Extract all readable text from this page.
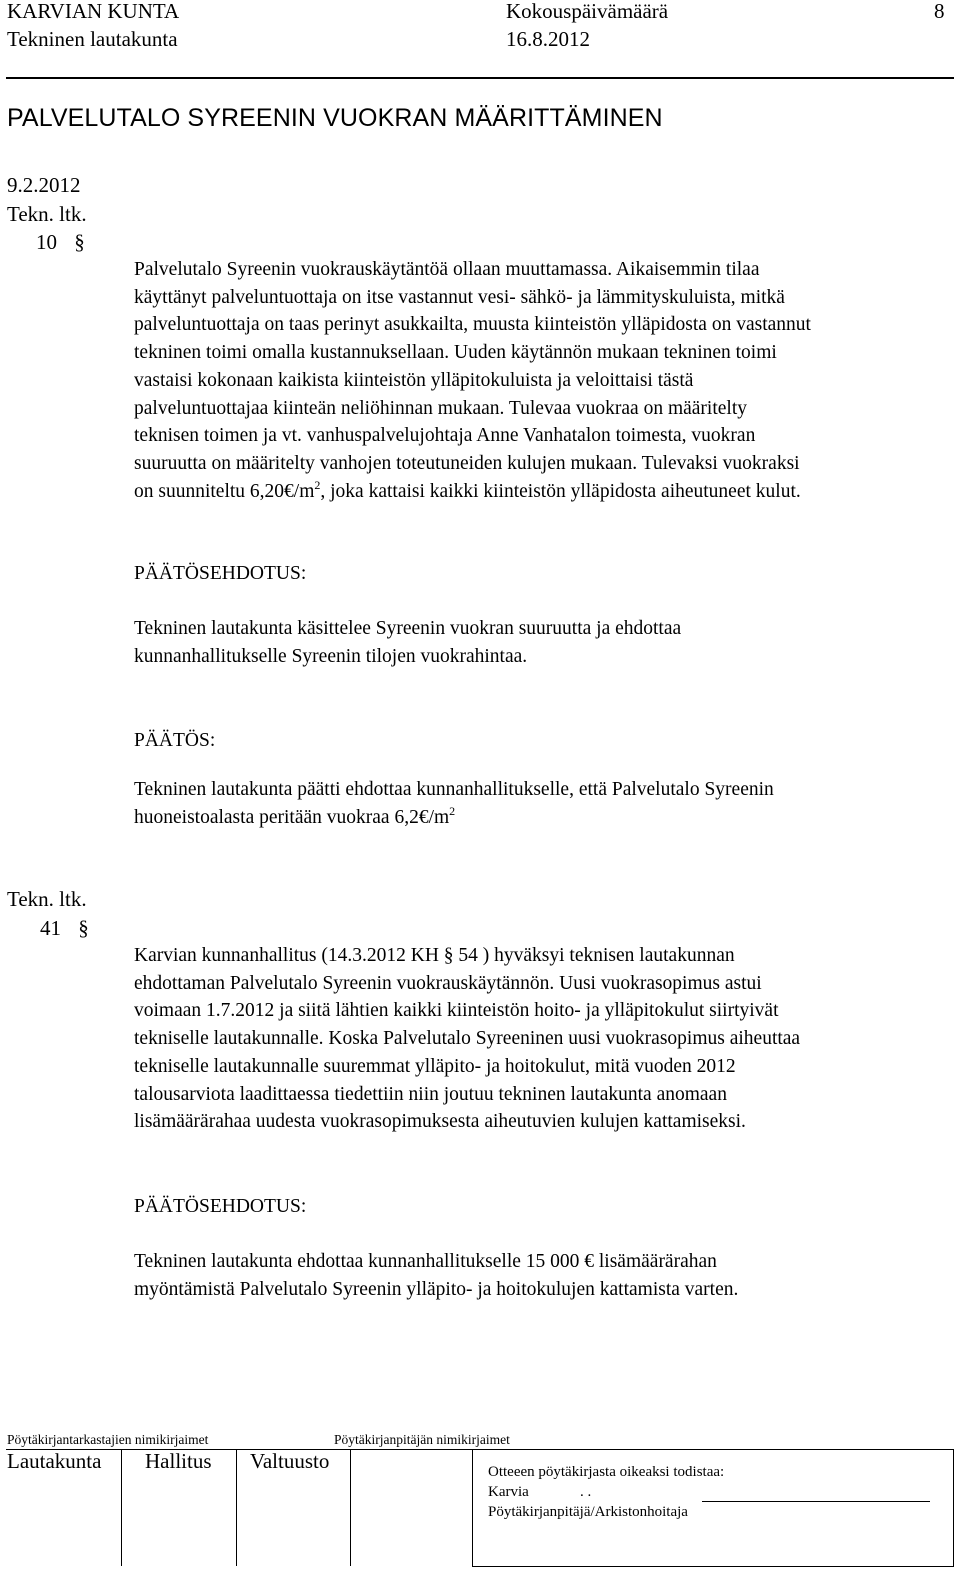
KARVIAN KUNTA
Tekninen lautakunta
Kokouspäivämäärä
16.8.2012
8
PALVELUTALO SYREENIN VUOKRAN MÄÄRITTÄMINEN
9.2.2012
Tekn. ltk.
10 §
Palvelutalo Syreenin vuokrauskäytäntöä ollaan muuttamassa. Aikaisemmin tilaa
käyttänyt palveluntuottaja on itse vastannut vesi- sähkö- ja lämmityskuluista, mitkä
palveluntuottaja on taas perinyt asukkailta, muusta kiinteistön ylläpidosta on vastannut
tekninen toimi omalla kustannuksellaan. Uuden käytännön mukaan tekninen toimi
vastaisi kokonaan kaikista kiinteistön ylläpitokuluista ja veloittaisi tästä
palveluntuottajaa kiinteän neliöhinnan mukaan. Tulevaa vuokraa on määritelty
teknisen toimen ja vt. vanhuspalvelujohtaja Anne Vanhatalon toimesta, vuokran
suuruutta on määritelty vanhojen toteutuneiden kulujen mukaan. Tulevaksi vuokraksi
on suunniteltu $6,20€/m^2$, joka kattaisi kaikki kiinteistön ylläpidosta aiheutuneet kulut.
PÄÄTÖSEHDOTUS:
Tekninen lautakunta käsittelee Syreenin vuokran suuruutta ja ehdottaa
kunnanhallitukselle Syreenin tilojen vuokrahintaa.
PÄÄTÖS:
Tekninen lautakunta päätti ehdottaa kunnanhallitukselle, että Palvelutalo Syreenin
huoneistoalasta peritään vuokraa $6,2€/m^2$
Tekn. ltk.
41 §
Karvian kunnanhallitus (14.3.2012 KH § 54 ) hyväksyi teknisen lautakunnan
ehdottaman Palvelutalo Syreenin vuokrauskäytännön. Uusi vuokrasopimus astui
voimaan 1.7.2012 ja siitä lähtien kaikki kiinteistön hoito- ja ylläpitokulut siirtyivät
tekniselle lautakunnalle. Koska Palvelutalo Syreeninen uusi vuokrasopimus aiheuttaa
tekniselle lautakunnalle suuremmat ylläpito- ja hoitokulut, mitä vuoden 2012
talousarviota laadittaessa tiedettiin niin joutuu tekninen lautakunta anomaan
lisämäärärahaa uudesta vuokrasopimuksesta aiheutuvien kulujen kattamiseksi.
PÄÄTÖSEHDOTUS:
Tekninen lautakunta ehdottaa kunnanhallitukselle 15 000 € lisämäärärahan
myöntämistä Palvelutalo Syreenin ylläpito- ja hoitokulujen kattamista varten.
Pöytäkirjantarkastajien nimikirjaimet	Pöytäkirjanpitäjän nimikirjaimet
Lautakunta Hallitus Valtuusto	Otteeen pöytäkirjasta oikeaksi todistaa:
Karvia	. .
Pöytäkirjanpitäjä/Arkistonhoitaja
